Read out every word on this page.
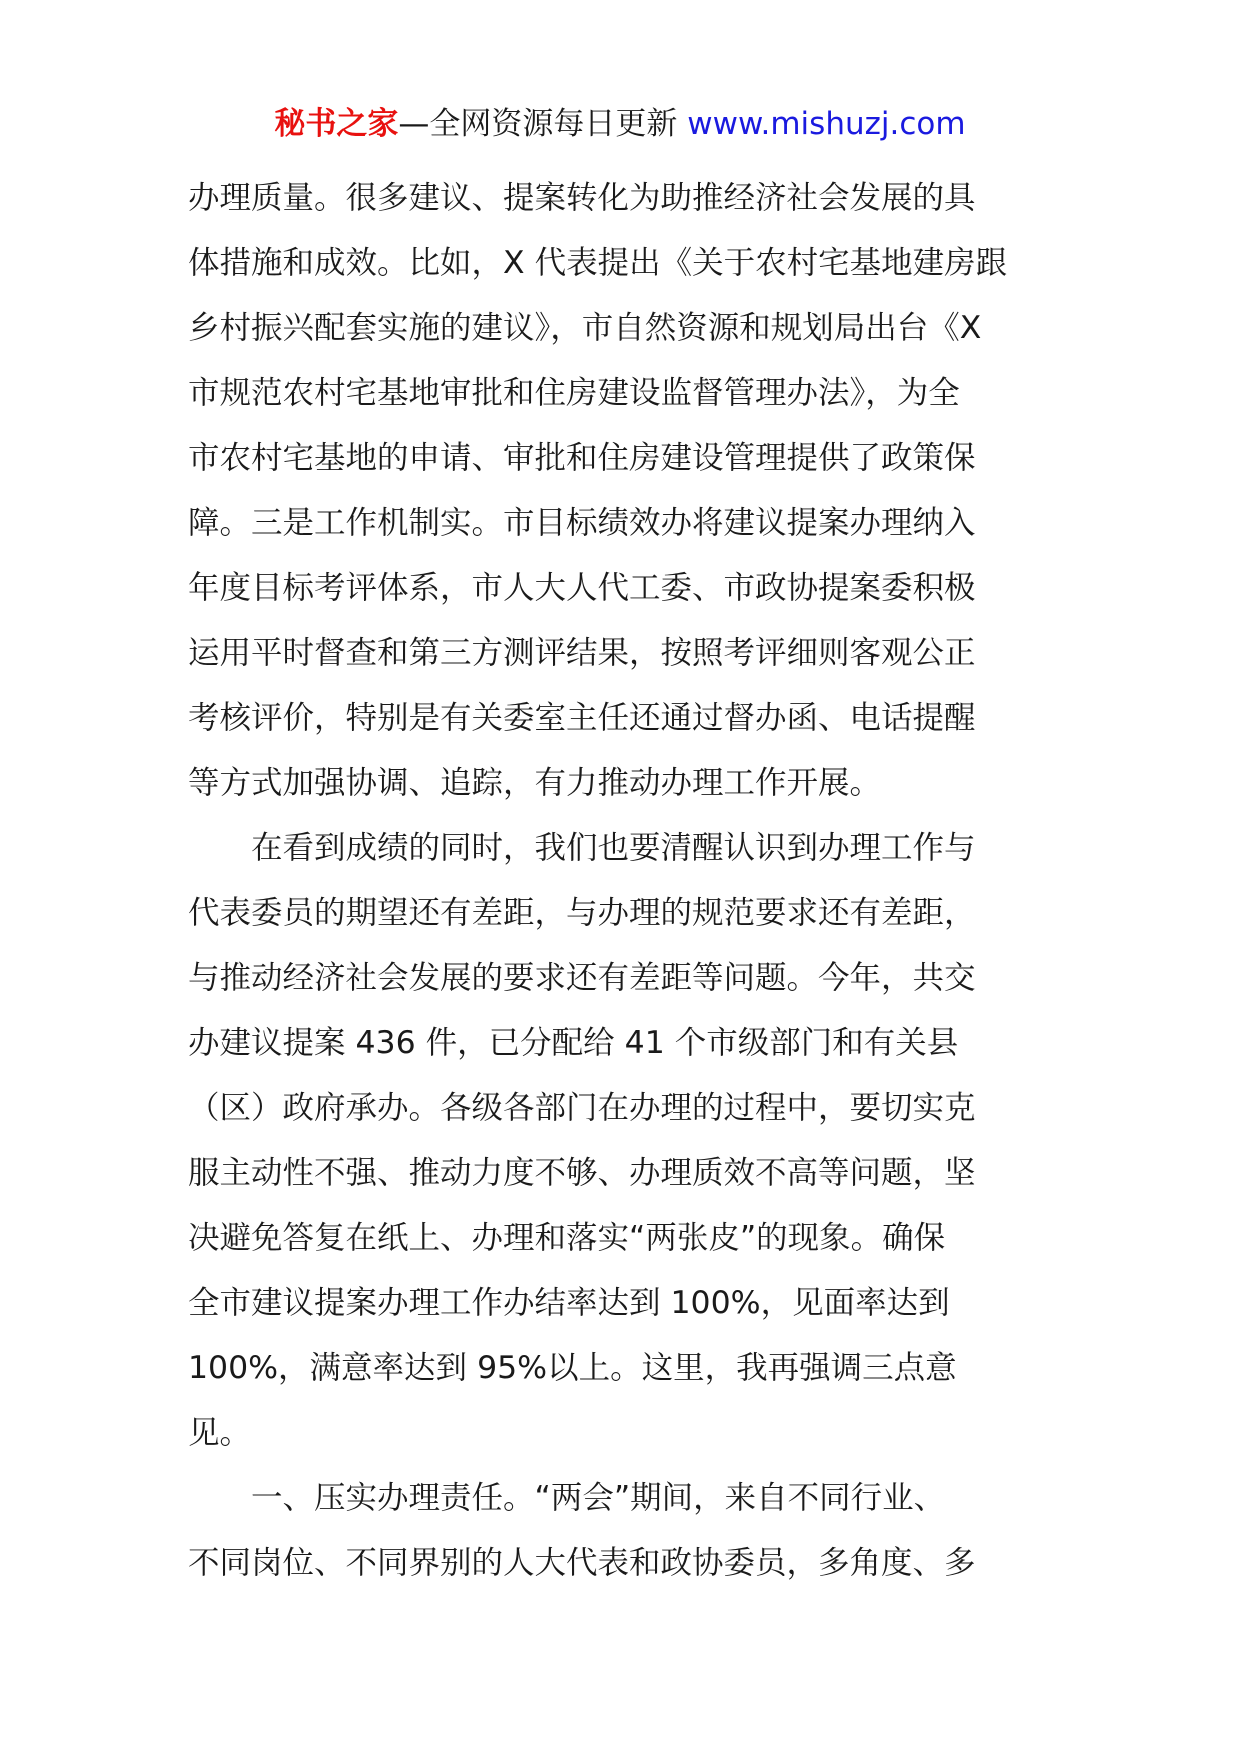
秘书之家—全网资源每日更新 www.mishuzj.com
办理质量。很多建议、提案转化为助推经济社会发展的具
体措施和成效。比如，X 代表提出《关于农村宅基地建房跟
乡村振兴配套实施的建议》，市自然资源和规划局出台《X
市规范农村宅基地审批和住房建设监督管理办法》，为全
市农村宅基地的申请、审批和住房建设管理提供了政策保
障。三是工作机制实。市目标绩效办将建议提案办理纳入
年度目标考评体系，市人大人代工委、市政协提案委积极
运用平时督查和第三方测评结果，按照考评细则客观公正
考核评价，特别是有关委室主任还通过督办函、电话提醒
等方式加强协调、追踪，有力推动办理工作开展。
　　在看到成绩的同时，我们也要清醒认识到办理工作与
代表委员的期望还有差距，与办理的规范要求还有差距，
与推动经济社会发展的要求还有差距等问题。今年，共交
办建议提案 436 件，已分配给 41 个市级部门和有关县
（区）政府承办。各级各部门在办理的过程中，要切实克
服主动性不强、推动力度不够、办理质效不高等问题，坚
决避免答复在纸上、办理和落实“两张皮”的现象。确保
全市建议提案办理工作办结率达到 100%，见面率达到
100%，满意率达到 95%以上。这里，我再强调三点意
见。
　　一、压实办理责任。“两会”期间，来自不同行业、
不同岗位、不同界别的人大代表和政协委员，多角度、多
